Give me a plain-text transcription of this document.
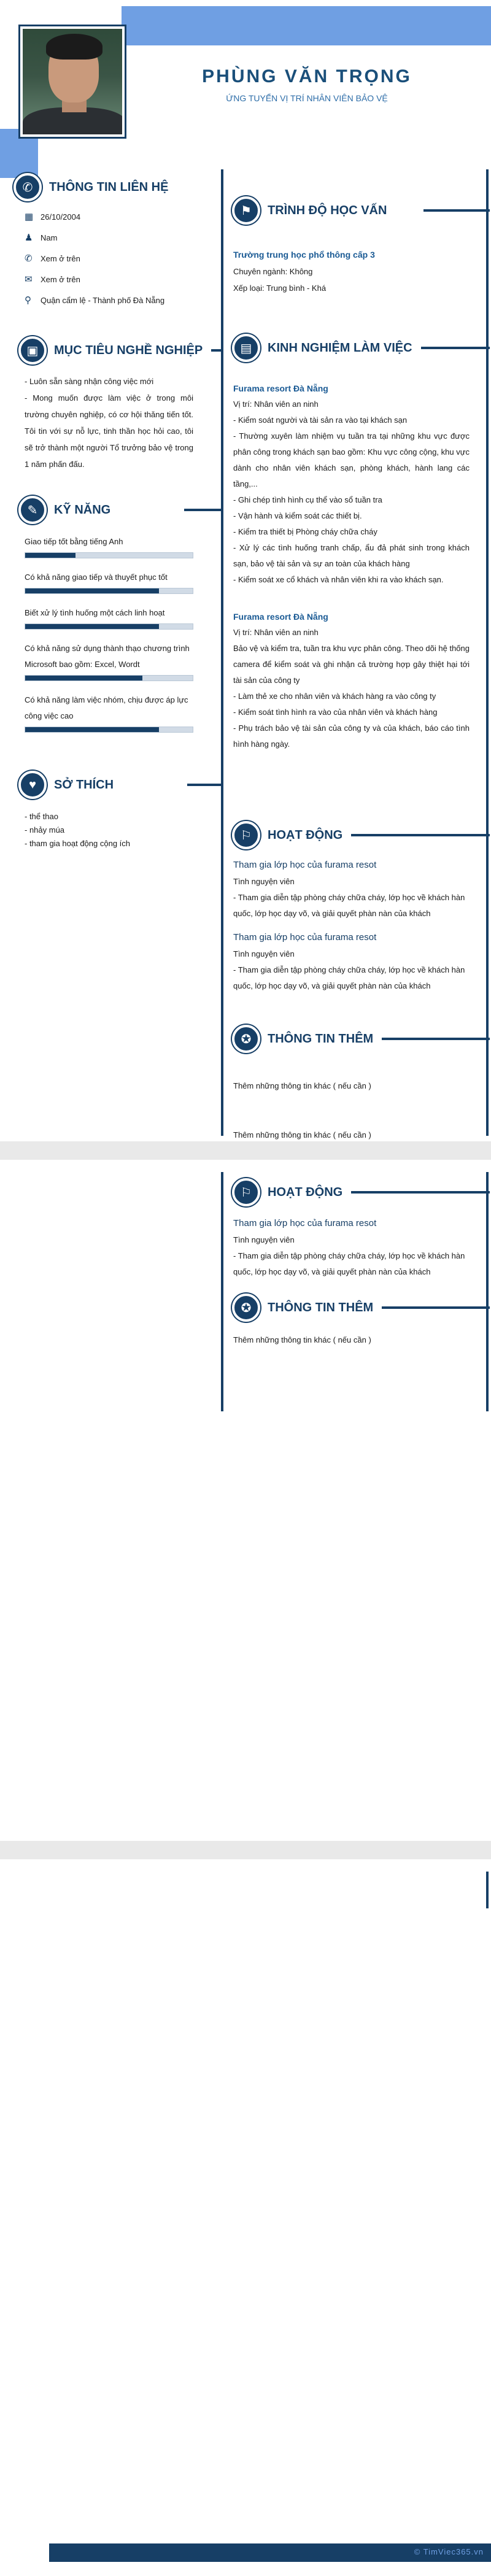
PHÙNG VĂN TRỌNG
ỨNG TUYỂN VỊ TRÍ NHÂN VIÊN BẢO VỆ
✆	THÔNG TIN LIÊN HỆ
▦ 26/10/2004
♟ Nam
✆	Xem ở trên
✉	Xem ở trên
⚲	Quận cẩm lệ - Thành phố Đà Nẵng
▣	MỤC TIÊU NGHỀ NGHIỆP
- Luôn sẵn sàng nhận công việc mới
- Mong muốn được làm việc ở trong môi trường chuyên nghiệp, có cơ hội thăng tiến tốt. Tôi tin với sự nỗ lực, tinh thần học hỏi cao, tôi sẽ trở thành một người Tổ trưởng bảo vệ trong 1 năm phấn đấu.
✎	KỸ NĂNG
Giao tiếp tốt bằng tiếng Anh
Có khả năng giao tiếp và thuyết phục tốt
Biết xử lý tình huống một cách linh hoạt
Có khả năng sử dụng thành thạo chương trình Microsoft bao gồm: Excel, Wordt
Có khả năng làm việc nhóm, chịu được áp lực công việc cao
♥	SỞ THÍCH
- thể thao
- nhảy múa
- tham gia hoạt động cộng ích
⚑	TRÌNH ĐỘ HỌC VẤN
Trường trung học phổ thông cấp 3
Chuyên ngành: Không
Xếp loại: Trung bình - Khá
▤	KINH NGHIỆM LÀM VIỆC
Furama resort Đà Nẵng
Vị trí: Nhân viên an ninh
- Kiểm soát người và tài sản ra vào tại khách sạn
- Thường xuyên làm nhiệm vụ tuần tra tại những khu vực được phân công trong khách sạn bao gồm: Khu vực công cộng, khu vực dành cho nhân viên khách sạn, phòng khách, hành lang các tầng,...
- Ghi chép tình hình cụ thể vào sổ tuần tra
- Vận hành và kiểm soát các thiết bị.
- Kiểm tra thiết bị Phòng cháy chữa cháy
- Xử lý các tình huống tranh chấp, ẩu đả phát sinh trong khách sạn, bảo vệ tài sản và sự an toàn của khách hàng
- Kiểm soát xe cổ khách và nhân viên khi ra vào khách sạn.
Furama resort Đà Nẵng
Vị trí: Nhân viên an ninh
Bảo vệ và kiểm tra, tuần tra khu vực phân công. Theo dõi hệ thống camera để kiểm soát và ghi nhận cả trường hợp gây thiệt hại tới tài sản của công ty
- Làm thẻ xe cho nhân viên và khách hàng ra vào công ty
- Kiểm soát tình hình ra vào của nhân viên và khách hàng
- Phụ trách bảo vệ tài sản của công ty và của khách, báo cáo tình hình hàng ngày.
⚐	HOẠT ĐỘNG
Tham gia lớp học của furama resot
Tình nguyện viên
- Tham gia diễn tập phòng cháy chữa cháy, lớp học về khách hàn quốc, lớp học dạy võ, và giải quyết phàn nàn của khách
Tham gia lớp học của furama resot
Tình nguyện viên
- Tham gia diễn tập phòng cháy chữa cháy, lớp học về khách hàn quốc, lớp học dạy võ, và giải quyết phàn nàn của khách
✪	THÔNG TIN THÊM
Thêm những thông tin khác ( nếu cần )
Thêm những thông tin khác ( nếu cần )
⚐	HOẠT ĐỘNG
Tham gia lớp học của furama resot
Tình nguyện viên
- Tham gia diễn tập phòng cháy chữa cháy, lớp học về khách hàn quốc, lớp học dạy võ, và giải quyết phàn nàn của khách
✪	THÔNG TIN THÊM
Thêm những thông tin khác ( nếu cần )
© TimViec365.vn
